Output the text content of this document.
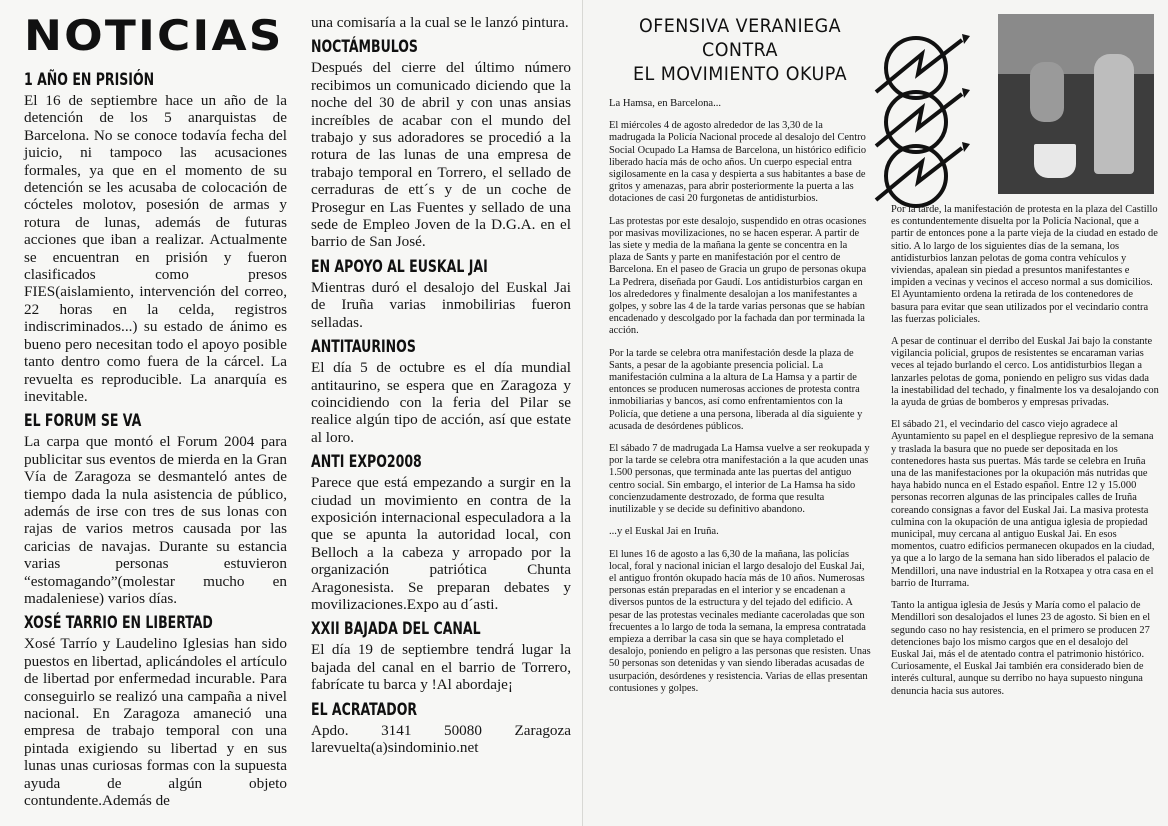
NOTICIAS
1 AÑO EN PRISIÓN

El 16 de septiembre hace un año de la detención de los 5 anarquistas de Barcelona. No se conoce todavía fecha del juicio, ni tampoco las acusaciones formales, ya que en el momento de su detención se les acusaba de colocación de cócteles molotov, posesión de armas y rotura de lunas, además de futuras acciones que iban a realizar. Actualmente se encuentran en prisión y fueron clasificados como presos FIES(aislamiento, intervención del correo, 22 horas en la celda, registros indiscriminados...) su estado de ánimo es bueno pero necesitan todo el apoyo posible tanto dentro como fuera de la cárcel. La revuelta es reproducible. La anarquía es inevitable.

EL FORUM SE VA

La carpa que montó el Forum 2004 para publicitar sus eventos de mierda en la Gran Vía de Zaragoza se desmanteló antes de tiempo dada la nula asistencia de público, además de irse con tres de sus lonas con rajas de varios metros causada por las caricias de navajas. Durante su estancia varias personas estuvieron “estomagando”(molestar mucho en madaleniese) varios días.

XOSÉ TARRIO EN LIBERTAD

Xosé Tarrío y Laudelino Iglesias han sido puestos en libertad, aplicándoles el artículo de libertad por enfermedad incurable. Para conseguirlo se realizó una campaña a nivel nacional. En Zaragoza amaneció una empresa de trabajo temporal con una pintada exigiendo su libertad y en sus lunas unas curiosas formas con la supuesta ayuda de algún objeto contundente.Además de

una comisaría a la cual se le lanzó pintura.

NOCTÁMBULOS

Después del cierre del último número recibimos un comunicado diciendo que la noche del 30 de abril y con unas ansias increíbles de acabar con el mundo del trabajo y sus adoradores se procedió a la rotura de las lunas de una empresa de trabajo temporal en Torrero, el sellado de cerraduras de ett´s y de un coche de Prosegur en Las Fuentes y sellado de una sede de Empleo Joven de la D.G.A. en el barrio de San José.

EN APOYO AL EUSKAL JAI

Mientras duró el desalojo del Euskal Jai de Iruña varias inmobilirias fueron selladas.

ANTITAURINOS

El día 5 de octubre es el día mundial antitaurino, se espera que en Zaragoza y coincidiendo con la feria del Pilar se realice algún tipo de acción, así que estate al loro.

ANTI EXPO2008

Parece que está empezando a surgir en la ciudad un movimiento en contra de la exposición internacional especuladora a la que se apunta la autoridad local, con Belloch a la cabeza y arropado por la organización patriótica Chunta Aragonesista. Se preparan debates y movilizaciones.Expo au d´asti.

XXII BAJADA DEL CANAL

El día 19 de septiembre tendrá lugar la bajada del canal en el barrio de Torrero, fabrícate tu barca y !Al abordaje¡

EL ACRATADOR

Apdo. 3141 50080 Zaragoza larevuelta(a)sindominio.net

OFENSIVA VERANIEGA CONTRA
EL MOVIMIENTO OKUPA

La Hamsa, en Barcelona...

El miércoles 4 de agosto alrededor de las 3,30 de la madrugada la Policía Nacional procede al desalojo del Centro Social Ocupado La Hamsa de Barcelona, un histórico edificio liberado hacía más de ocho años. Un cuerpo especial entra sigilosamente en la casa y despierta a sus habitantes a base de gritos y amenazas, para abrir posteriormente la puerta a las dotaciones de casi 20 furgonetas de antidisturbios.

Las protestas por este desalojo, suspendido en otras ocasiones por masivas movilizaciones, no se hacen esperar. A partir de las siete y media de la mañana la gente se concentra en la plaza de Sants y parte en manifestación por el centro de Barcelona. En el paseo de Gracia un grupo de personas okupa La Pedrera, diseñada por Gaudí. Los antidisturbios cargan en los alrededores y finalmente desalojan a los manifestantes a golpes, y sobre las 4 de la tarde varias personas que se habían encadenado y descolgado por la fachada dan por terminada la acción.

Por la tarde se celebra otra manifestación desde la plaza de Sants, a pesar de la agobiante presencia policial. La manifestación culmina a la altura de La Hamsa y a partir de entonces se producen numerosas acciones de protesta contra inmobiliarias y bancos, así como enfrentamientos con la Policía, que detiene a una persona, liberada al día siguiente y acusada de desórdenes públicos.

El sábado 7 de madrugada La Hamsa vuelve a ser reokupada y por la tarde se celebra otra manifestación a la que acuden unas 1.500 personas, que terminada ante las puertas del antiguo centro social. Sin embargo, el interior de La Hamsa ha sido concienzudamente destrozado, de forma que resulta inutilizable y se decide su definitivo abandono.

...y el Euskal Jai en Iruña.

El lunes 16 de agosto a las 6,30 de la mañana, las policías local, foral y nacional inician el largo desalojo del Euskal Jai, el antiguo frontón okupado hacía más de 10 años. Numerosas personas están preparadas en el interior y se encadenan a diversos puntos de la estructura y del tejado del edificio. A pesar de las protestas vecinales mediante caceroladas que son frecuentes a lo largo de toda la semana, la empresa contratada empieza a derribar la casa sin que se haya completado el desalojo, poniendo en peligro a las personas que resisten. Unas 50 personas son detenidas y van siendo liberadas acusadas de usurpación, desórdenes y resistencia. Varias de ellas presentan contusiones y golpes.

Por la tarde, la manifestación de protesta en la plaza del Castillo es contundentemente disuelta por la Policía Nacional, que a partir de entonces pone a la parte vieja de la ciudad en estado de sitio. A lo largo de los siguientes días de la semana, los antidisturbios lanzan pelotas de goma contra vehículos y viviendas, apalean sin piedad a presuntos manifestantes e impiden a vecinas y vecinos el acceso normal a sus domicilios. El Ayuntamiento ordena la retirada de los contenedores de basura para evitar que sean utilizados por el vecindario contra las fuerzas policiales.

A pesar de continuar el derribo del Euskal Jai bajo la constante vigilancia policial, grupos de resistentes se encaraman varias veces al tejado burlando el cerco. Los antidisturbios llegan a lanzarles pelotas de goma, poniendo en peligro sus vidas dada la inestabilidad del techado, y finalmente los va desalojando con la ayuda de grúas de bomberos y empresas privadas.

El sábado 21, el vecindario del casco viejo agradece al Ayuntamiento su papel en el despliegue represivo de la semana y traslada la basura que no puede ser depositada en los contenedores hasta sus puertas. Más tarde se celebra en Iruña una de las manifestaciones por la okupación más nutridas que haya habido nunca en el Estado español. Entre 12 y 15.000 personas recorren algunas de las principales calles de Iruña coreando consignas a favor del Euskal Jai. La masiva protesta culmina con la okupación de una antigua iglesia de propiedad municipal, muy cercana al antiguo Euskal Jai. En esos momentos, cuatro edificios permanecen okupados en la ciudad, ya que a lo largo de la semana han sido liberados el palacio de Mendillori, una nave industrial en la Rotxapea y otra casa en el barrio de Iturrama.

Tanto la antigua iglesia de Jesús y María como el palacio de Mendillori son desalojados el lunes 23 de agosto. Si bien en el segundo caso no hay resistencia, en el primero se producen 27 detenciones bajo los mismo cargos que en el desalojo del Euskal Jai, más el de atentado contra el patrimonio histórico. Curiosamente, el Euskal Jai también era considerado bien de interés cultural, aunque su derribo no haya supuesto ninguna denuncia hacia sus autores.
